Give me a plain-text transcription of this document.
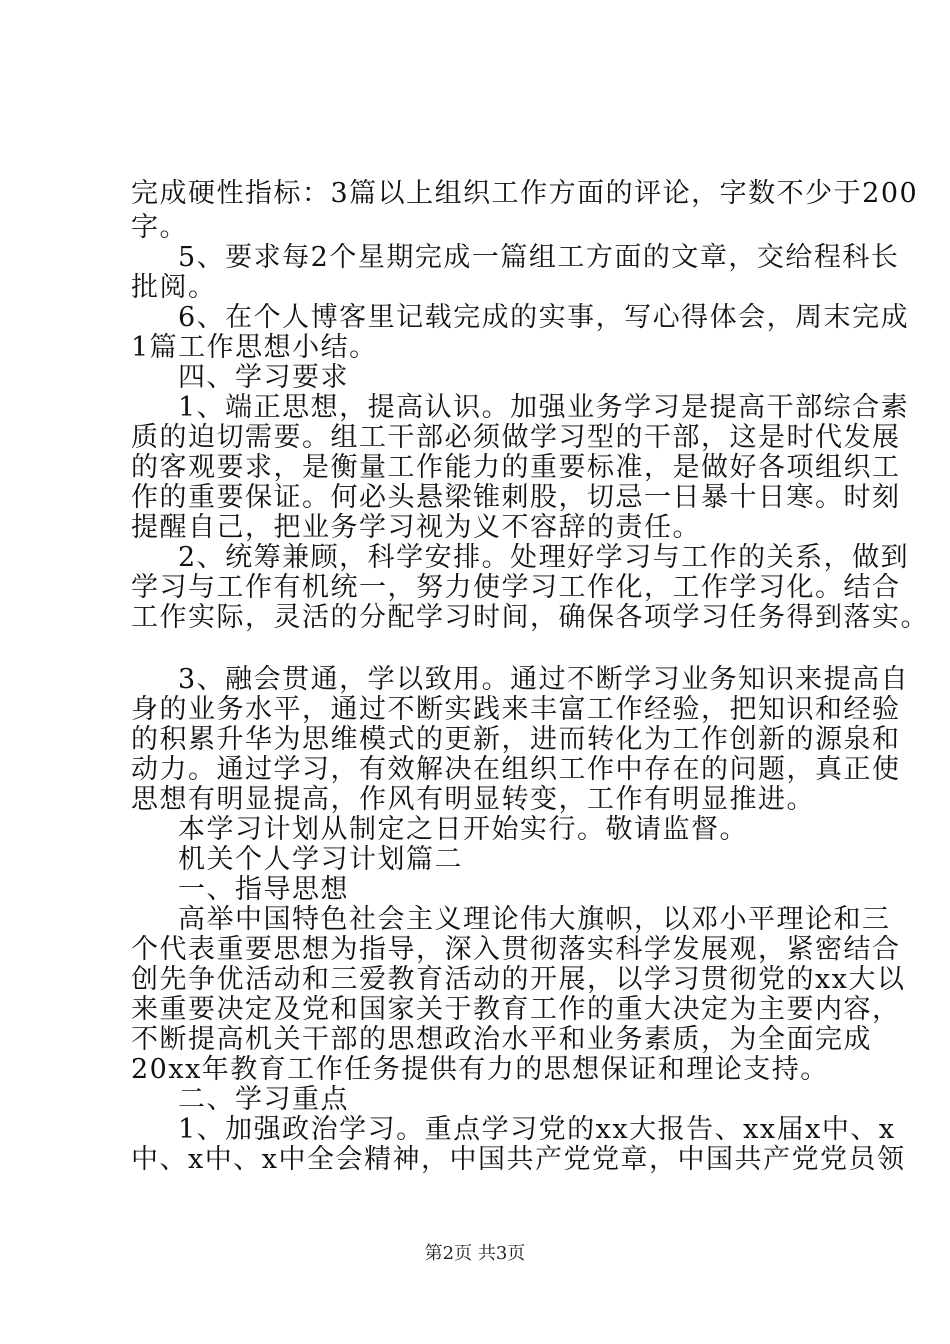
完成硬性指标：3篇以上组织工作方面的评论，字数不少于200
字。
5、要求每2个星期完成一篇组工方面的文章，交给程科长
批阅。
6、在个人博客里记载完成的实事，写心得体会，周末完成
1篇工作思想小结。
四、学习要求
1、端正思想，提高认识。加强业务学习是提高干部综合素
质的迫切需要。组工干部必须做学习型的干部，这是时代发展
的客观要求，是衡量工作能力的重要标准，是做好各项组织工
作的重要保证。何必头悬梁锥刺股，切忌一日暴十日寒。时刻
提醒自己，把业务学习视为义不容辞的责任。
2、统筹兼顾，科学安排。处理好学习与工作的关系，做到
学习与工作有机统一，努力使学习工作化，工作学习化。结合
工作实际，灵活的分配学习时间，确保各项学习任务得到落实。
3、融会贯通，学以致用。通过不断学习业务知识来提高自
身的业务水平，通过不断实践来丰富工作经验，把知识和经验
的积累升华为思维模式的更新，进而转化为工作创新的源泉和
动力。通过学习，有效解决在组织工作中存在的问题，真正使
思想有明显提高，作风有明显转变，工作有明显推进。
本学习计划从制定之日开始实行。敬请监督。
机关个人学习计划篇二
一、指导思想
高举中国特色社会主义理论伟大旗帜，以邓小平理论和三
个代表重要思想为指导，深入贯彻落实科学发展观，紧密结合
创先争优活动和三爱教育活动的开展，以学习贯彻党的xx大以
来重要决定及党和国家关于教育工作的重大决定为主要内容，
不断提高机关干部的思想政治水平和业务素质，为全面完成
20xx年教育工作任务提供有力的思想保证和理论支持。
二、学习重点
1、加强政治学习。重点学习党的xx大报告、xx届x中、x
中、x中、x中全会精神，中国共产党党章，中国共产党党员领
第2页 共3页
